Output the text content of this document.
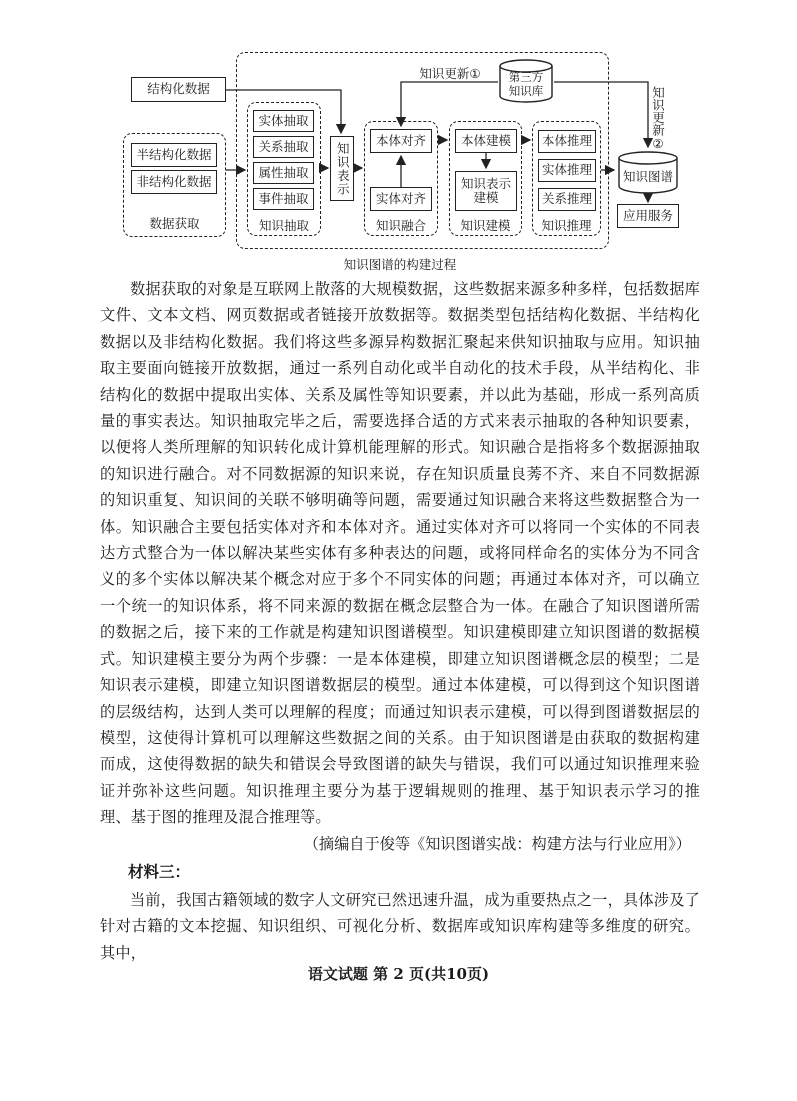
结构化数据
半结构化数据
非结构化数据
数据获取
实体抽取
关系抽取
属性抽取
事件抽取
知识抽取
知识表示
本体对齐
实体对齐
知识融合
本体建模
知识表示建模
知识建模
本体推理
实体推理
关系推理
知识推理
第三方知识库
知识图谱
应用服务
知识更新①
知识更新②
知识图谱的构建过程
数据获取的对象是互联网上散落的大规模数据，这些数据来源多种多样，包括数据库文件、文本文档、网页数据或者链接开放数据等。数据类型包括结构化数据、半结构化数据以及非结构化数据。我们将这些多源异构数据汇聚起来供知识抽取与应用。知识抽取主要面向链接开放数据，通过一系列自动化或半自动化的技术手段，从半结构化、非结构化的数据中提取出实体、关系及属性等知识要素，并以此为基础，形成一系列高质量的事实表达。知识抽取完毕之后，需要选择合适的方式来表示抽取的各种知识要素，以便将人类所理解的知识转化成计算机能理解的形式。知识融合是指将多个数据源抽取的知识进行融合。对不同数据源的知识来说，存在知识质量良莠不齐、来自不同数据源的知识重复、知识间的关联不够明确等问题，需要通过知识融合来将这些数据整合为一体。知识融合主要包括实体对齐和本体对齐。通过实体对齐可以将同一个实体的不同表达方式整合为一体以解决某些实体有多种表达的问题，或将同样命名的实体分为不同含义的多个实体以解决某个概念对应于多个不同实体的问题；再通过本体对齐，可以确立一个统一的知识体系，将不同来源的数据在概念层整合为一体。在融合了知识图谱所需的数据之后，接下来的工作就是构建知识图谱模型。知识建模即建立知识图谱的数据模式。知识建模主要分为两个步骤：一是本体建模，即建立知识图谱概念层的模型；二是知识表示建模，即建立知识图谱数据层的模型。通过本体建模，可以得到这个知识图谱的层级结构，达到人类可以理解的程度；而通过知识表示建模，可以得到图谱数据层的模型，这使得计算机可以理解这些数据之间的关系。由于知识图谱是由获取的数据构建而成，这使得数据的缺失和错误会导致图谱的缺失与错误，我们可以通过知识推理来验证并弥补这些问题。知识推理主要分为基于逻辑规则的推理、基于知识表示学习的推理、基于图的推理及混合推理等。
（摘编自于俊等《知识图谱实战：构建方法与行业应用》）
材料三：
当前，我国古籍领域的数字人文研究已然迅速升温，成为重要热点之一，具体涉及了针对古籍的文本挖掘、知识组织、可视化分析、数据库或知识库构建等多维度的研究。其中，
语文试题 第 2 页(共10页)
